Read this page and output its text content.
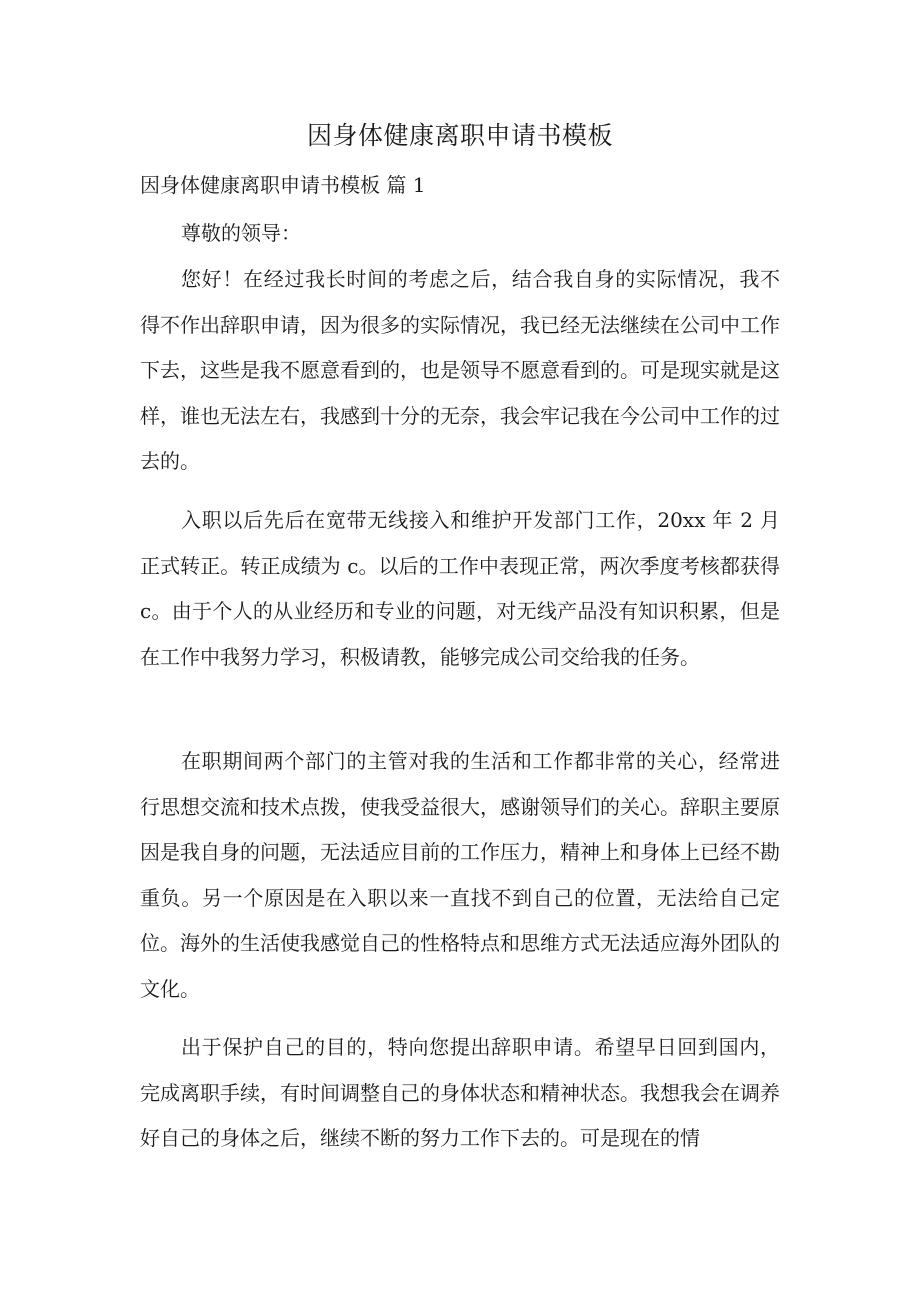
因身体健康离职申请书模板
因身体健康离职申请书模板 篇 1
尊敬的领导：

您好！在经过我长时间的考虑之后，结合我自身的实际情况，我不得不作出辞职申请，因为很多的实际情况，我已经无法继续在公司中工作下去，这些是我不愿意看到的，也是领导不愿意看到的。可是现实就是这样，谁也无法左右，我感到十分的无奈，我会牢记我在今公司中工作的过去的。

入职以后先后在宽带无线接入和维护开发部门工作，20xx 年 2 月正式转正。转正成绩为 c。以后的工作中表现正常，两次季度考核都获得 c。由于个人的从业经历和专业的问题，对无线产品没有知识积累，但是在工作中我努力学习，积极请教，能够完成公司交给我的任务。

在职期间两个部门的主管对我的生活和工作都非常的关心，经常进行思想交流和技术点拨，使我受益很大，感谢领导们的关心。辞职主要原因是我自身的问题，无法适应目前的工作压力，精神上和身体上已经不勘重负。另一个原因是在入职以来一直找不到自己的位置，无法给自己定位。海外的生活使我感觉自己的性格特点和思维方式无法适应海外团队的文化。

出于保护自己的目的，特向您提出辞职申请。希望早日回到国内，完成离职手续，有时间调整自己的身体状态和精神状态。我想我会在调养好自己的身体之后，继续不断的努力工作下去的。可是现在的情
